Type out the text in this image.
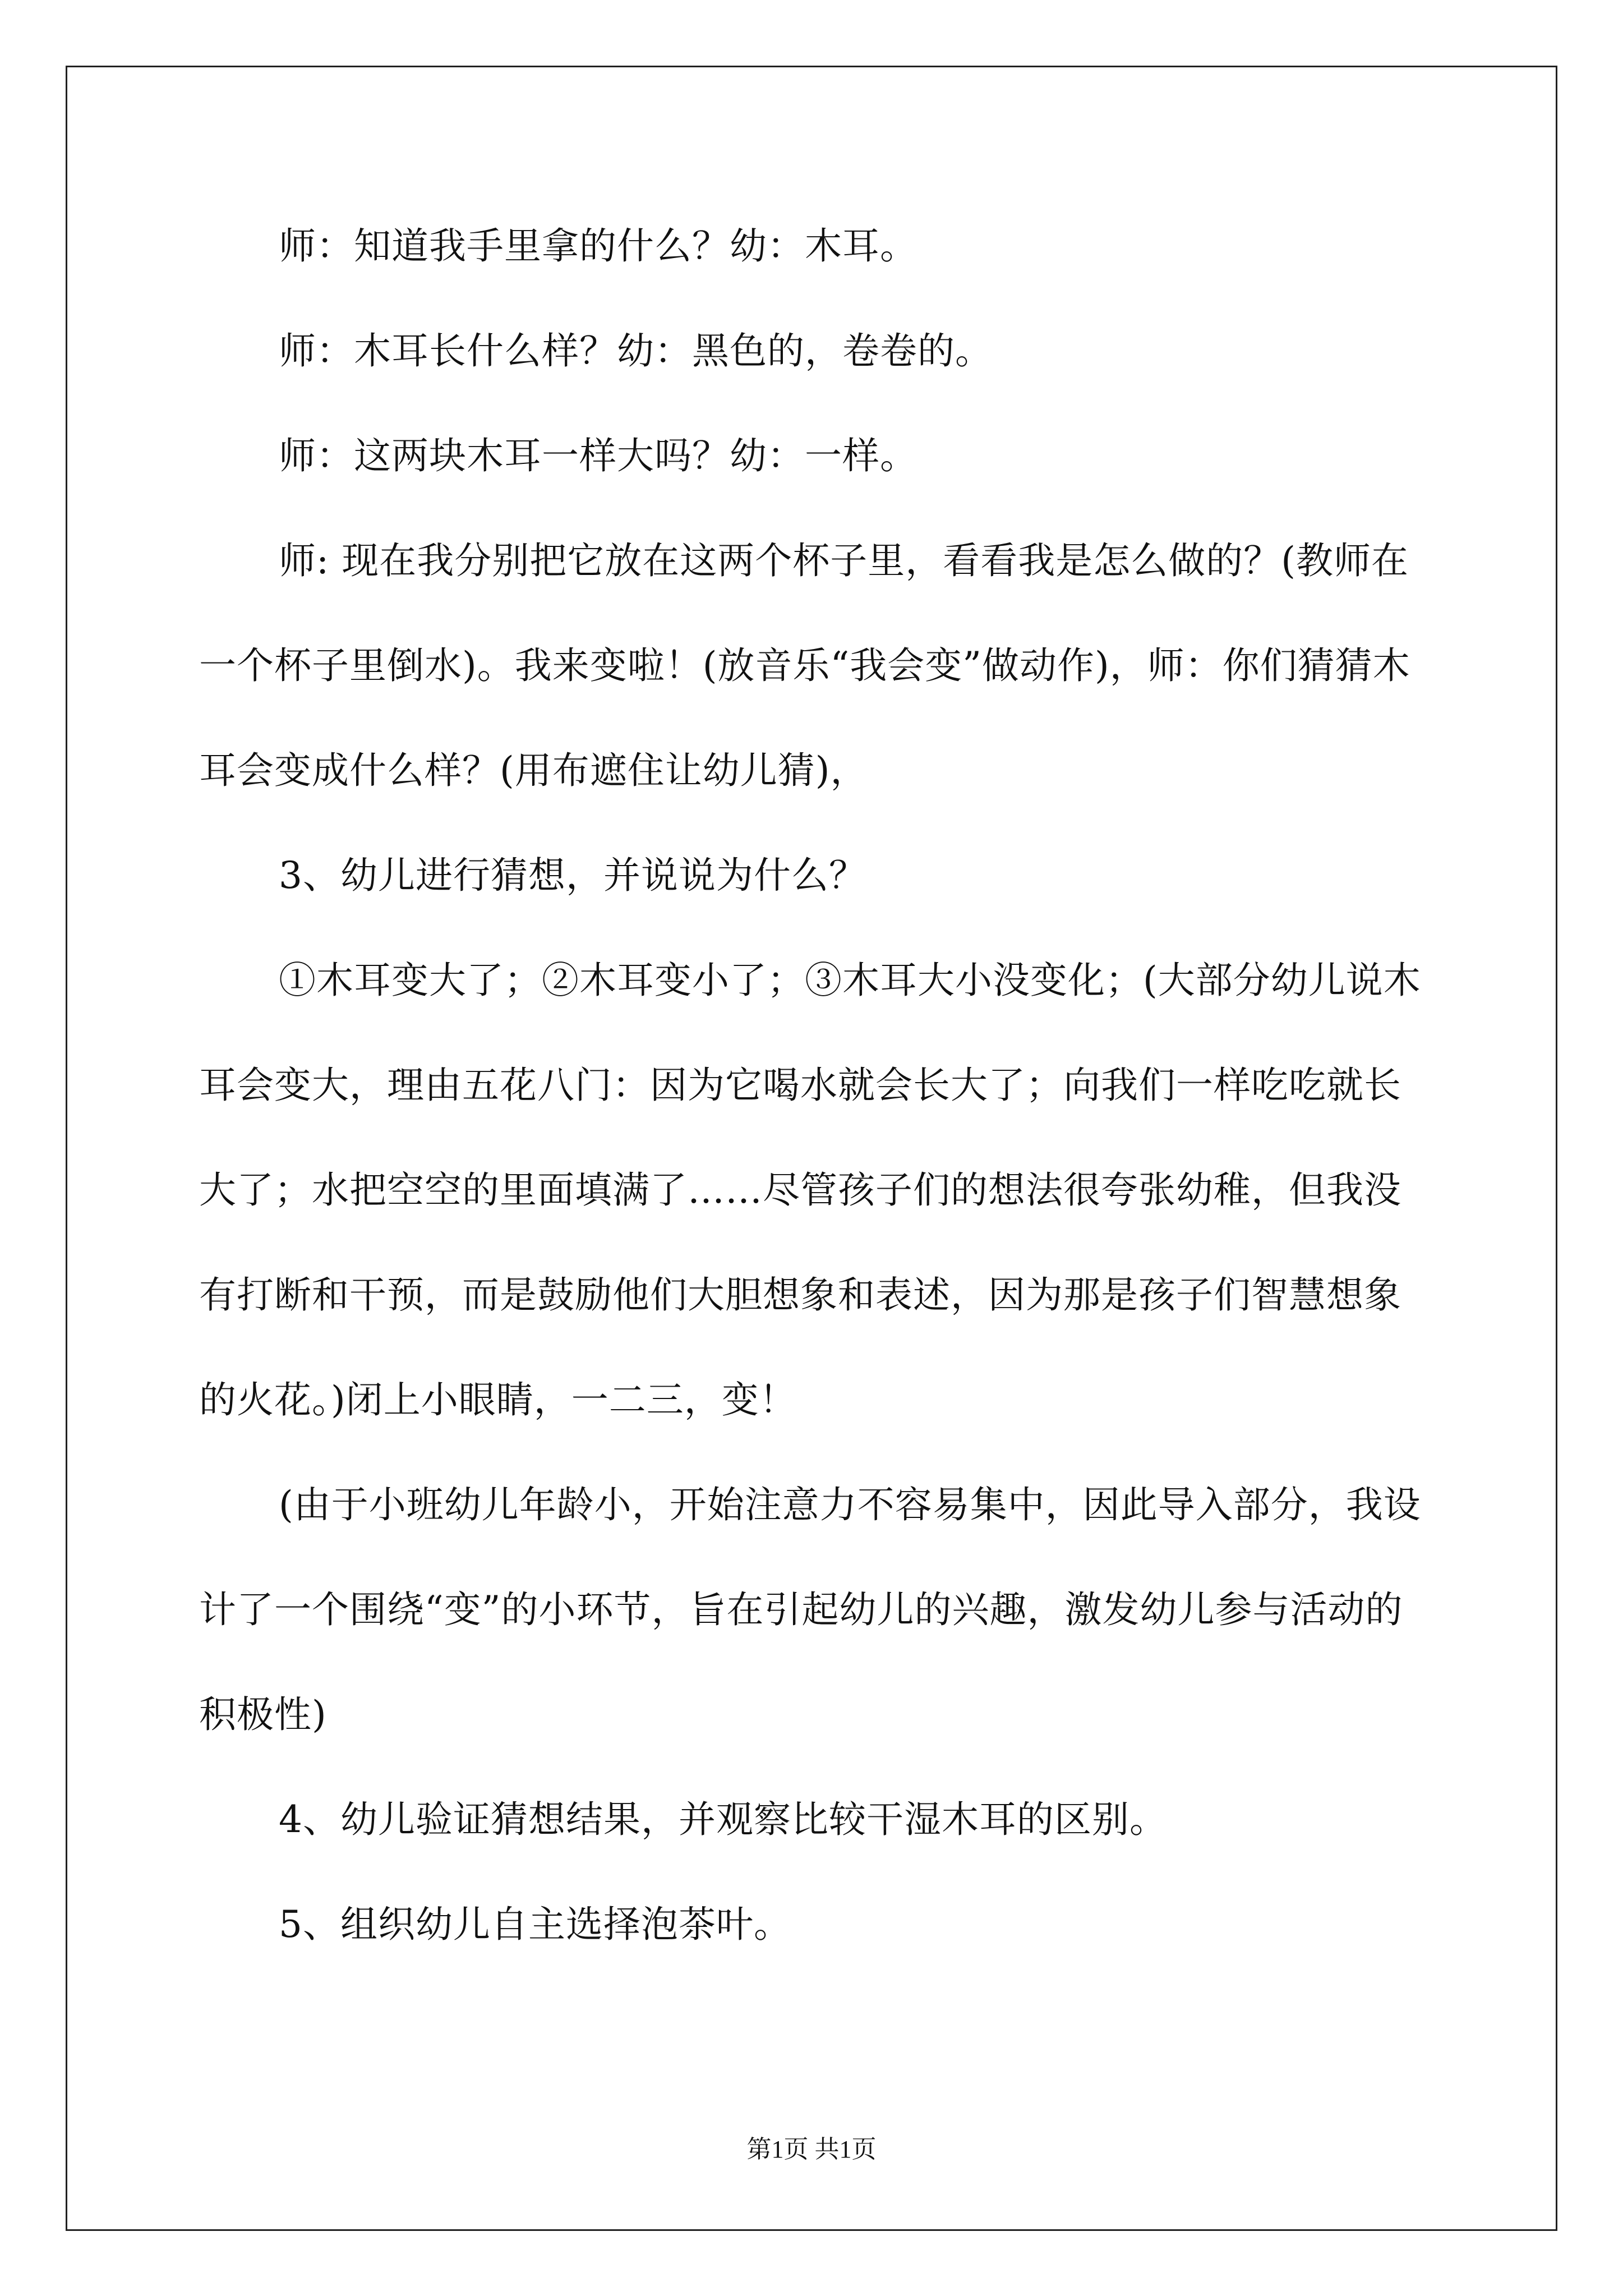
师：知道我手里拿的什么？幼：木耳。

师：木耳长什么样？幼：黑色的，卷卷的。

师：这两块木耳一样大吗？幼：一样。

师: 现在我分别把它放在这两个杯子里，看看我是怎么做的？(教师在一个杯子里倒水)。我来变啦！(放音乐“我会变”做动作)，师：你们猜猜木耳会变成什么样？(用布遮住让幼儿猜)，

3、幼儿进行猜想，并说说为什么？

①木耳变大了；②木耳变小了；③木耳大小没变化；(大部分幼儿说木耳会变大，理由五花八门：因为它喝水就会长大了；向我们一样吃吃就长大了；水把空空的里面填满了……尽管孩子们的想法很夸张幼稚，但我没有打断和干预，而是鼓励他们大胆想象和表述，因为那是孩子们智慧想象的火花。)闭上小眼睛，一二三，变！

(由于小班幼儿年龄小，开始注意力不容易集中，因此导入部分，我设计了一个围绕“变”的小环节，旨在引起幼儿的兴趣，激发幼儿参与活动的积极性)

4、幼儿验证猜想结果，并观察比较干湿木耳的区别。

5、组织幼儿自主选择泡茶叶。

第1页 共1页
